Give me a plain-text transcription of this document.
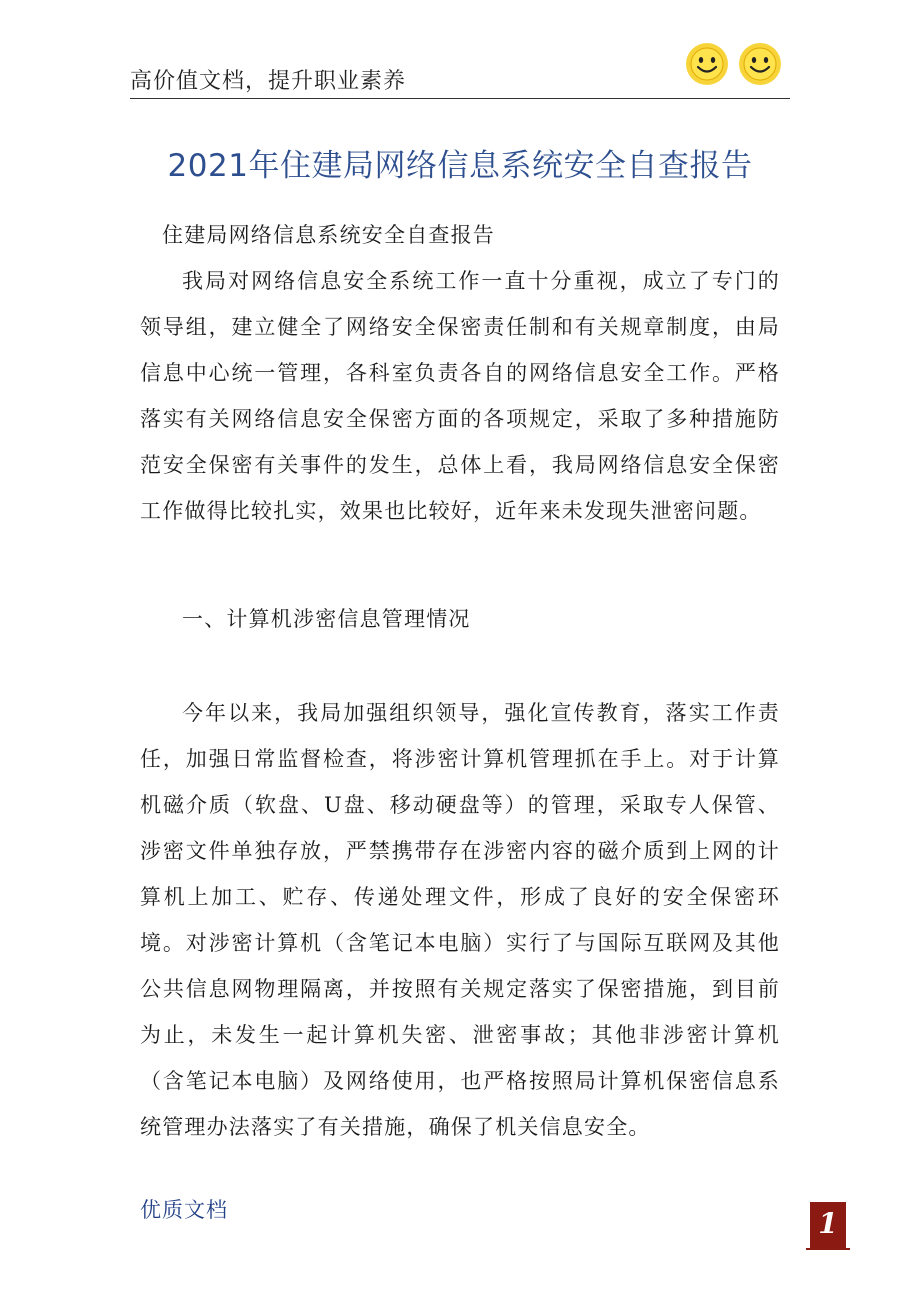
高价值文档，提升职业素养
2021年住建局网络信息系统安全自查报告

住建局网络信息系统安全自查报告

我局对网络信息安全系统工作一直十分重视，成立了专门的领导组，建立健全了网络安全保密责任制和有关规章制度，由局信息中心统一管理，各科室负责各自的网络信息安全工作。严格落实有关网络信息安全保密方面的各项规定，采取了多种措施防范安全保密有关事件的发生，总体上看，我局网络信息安全保密工作做得比较扎实，效果也比较好，近年来未发现失泄密问题。

一、计算机涉密信息管理情况

今年以来，我局加强组织领导，强化宣传教育，落实工作责任，加强日常监督检查，将涉密计算机管理抓在手上。对于计算机磁介质（软盘、U盘、移动硬盘等）的管理，采取专人保管、涉密文件单独存放，严禁携带存在涉密内容的磁介质到上网的计算机上加工、贮存、传递处理文件，形成了良好的安全保密环境。对涉密计算机（含笔记本电脑）实行了与国际互联网及其他公共信息网物理隔离，并按照有关规定落实了保密措施，到目前为止，未发生一起计算机失密、泄密事故；其他非涉密计算机（含笔记本电脑）及网络使用，也严格按照局计算机保密信息系统管理办法落实了有关措施，确保了机关信息安全。

优质文档	1
